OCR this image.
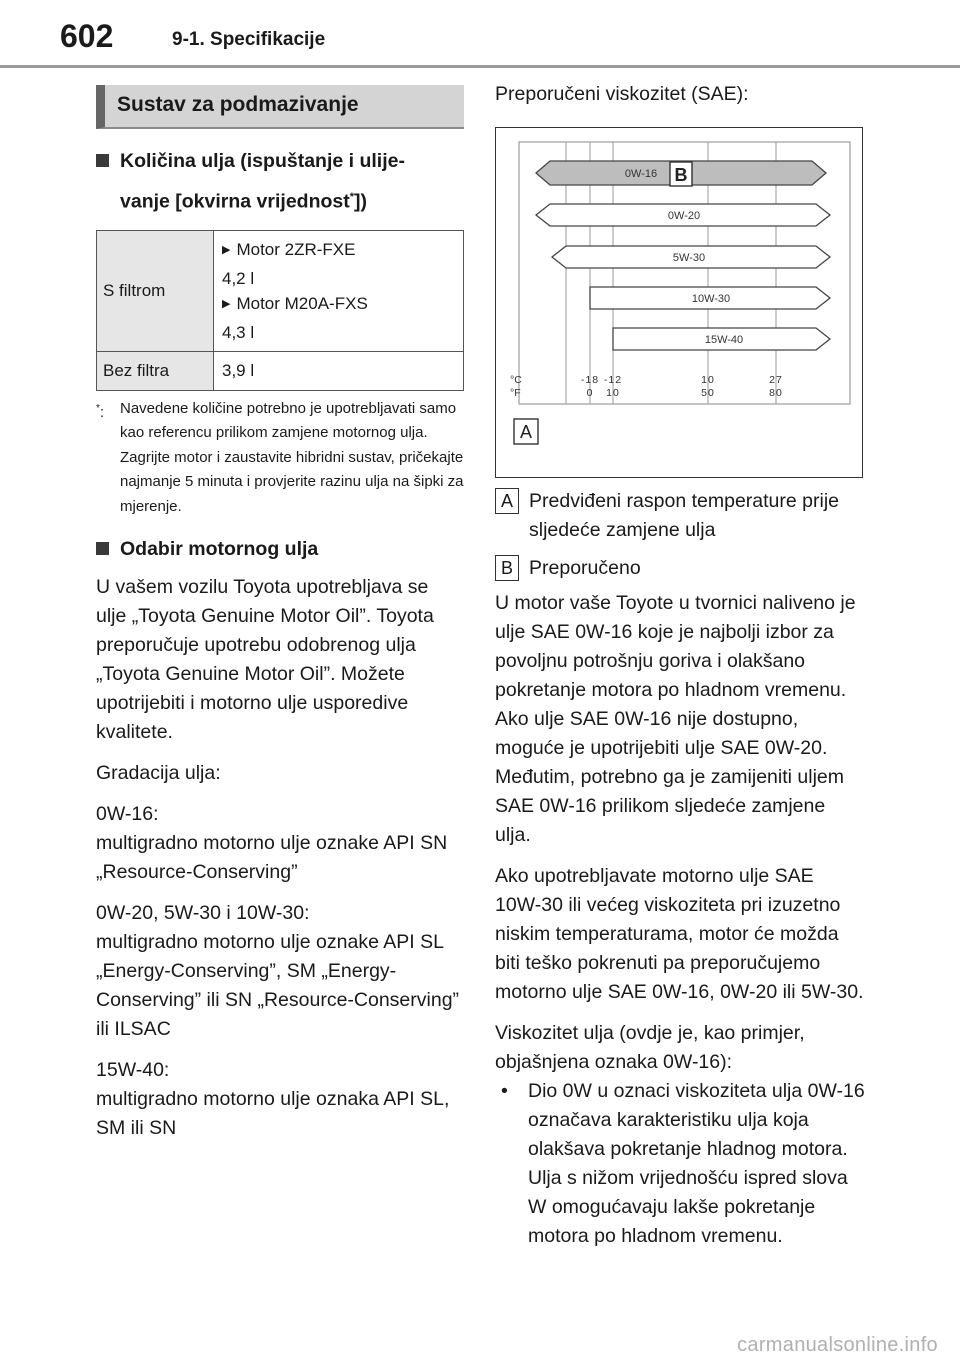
602	9-1. Specifikacije
Sustav za podmazivanje
Količina ulja (ispuštanje i ulije-
vanje [okvirna vrijednost*])
S filtrom	
▶ Motor 2ZR-FXE
4,2 l
▶ Motor M20A-FXS
4,3 l

Bez filtra	3,9 l
*:	Navedene količine potrebno je upotrebljavati samo kao referencu prilikom zamjene motornog ulja. Zagrijte motor i zaustavite hibridni sustav, pričekajte najmanje 5 minuta i provjerite razinu ulja na šipki za mjerenje.
Odabir motornog ulja
U vašem vozilu Toyota upotrebljava se ulje „Toyota Genuine Motor Oil”. Toyota preporučuje upotrebu odobrenog ulja „Toyota Genuine Motor Oil”. Možete upotrijebiti i motorno ulje usporedive kvalitete.
Gradacija ulja:
0W-16:
multigradno motorno ulje oznake API SN „Resource-Conserving”
0W-20, 5W-30 i 10W-30:
multigradno motorno ulje oznake API SL „Energy-Conserving”, SM „Energy-Conserving” ili SN „Resource-Conserving” ili ILSAC
15W-40:
multigradno motorno ulje oznaka API SL, SM ili SN
Preporučeni viskozitet (SAE):
0W-16
0W-20
5W-30
10W-30
15W-40
B
°C
°F
-18 -12	10	27
0 10	50	80
A
A Predviđeni raspon temperature prije sljedeće zamjene ulja
B Preporučeno
U motor vaše Toyote u tvornici naliveno je ulje SAE 0W-16 koje je najbolji izbor za povoljnu potrošnju goriva i olakšano pokretanje motora po hladnom vremenu. Ako ulje SAE 0W-16 nije dostupno, moguće je upotrijebiti ulje SAE 0W-20. Međutim, potrebno ga je zamijeniti uljem SAE 0W-16 prilikom sljedeće zamjene ulja.
Ako upotrebljavate motorno ulje SAE 10W-30 ili većeg viskoziteta pri izuzetno niskim temperaturama, motor će možda biti teško pokrenuti pa preporučujemo motorno ulje SAE 0W-16, 0W-20 ili 5W-30.
Viskozitet ulja (ovdje je, kao primjer, objašnjena oznaka 0W-16):
•	Dio 0W u oznaci viskoziteta ulja 0W-16 označava karakteristiku ulja koja olakšava pokretanje hladnog motora. Ulja s nižom vrijednošću ispred slova W omogućavaju lakše pokretanje motora po hladnom vremenu.
carmanualsonline.info
